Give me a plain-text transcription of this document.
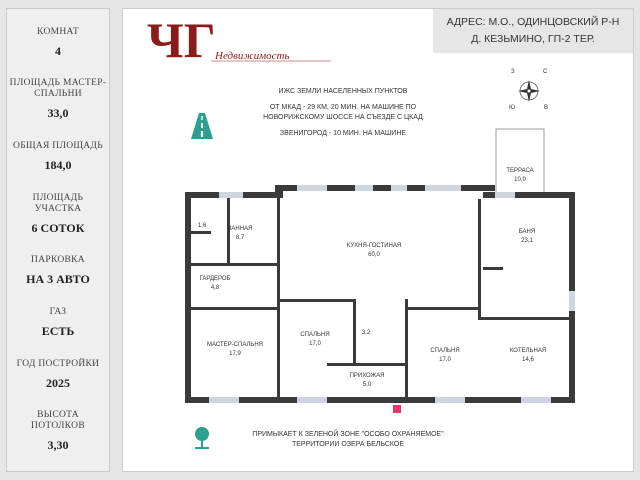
КОМНАТ
4
ПЛОЩАДЬ МАСТЕР-СПАЛЬНИ
33,0
ОБЩАЯ ПЛОЩАДЬ
184,0
ПЛОЩАДЬ УЧАСТКА
6 СОТОК
ПАРКОВКА
НА 3 АВТО
ГАЗ
ЕСТЬ
ГОД ПОСТРОЙКИ
2025
ВЫСОТА ПОТОЛКОВ
3,30
ЧГ Недвижимость
АДРЕС: М.О., ОДИНЦОВСКИЙ Р-Н
Д. КЕЗЬМИНО, ГП-2 ТЕР.

ИЖС ЗЕМЛИ НАСЕЛЕННЫХ ПУНКТОВ

ОТ МКАД - 29 КМ, 20 МИН. НА МАШИНЕ ПО НОВОРИЖСКОМУ ШОССЕ НА СЪЕЗДЕ С ЦКАД

ЗВЕНИГОРОД - 10 МИН. НА МАШИНЕ

З	С
Ю	В
ТЕРРАСА
10,0
ВАННАЯ
8,7
1,6
КУХНЯ-ГОСТИНАЯ
60,0
БАНЯ
23,1
ГАРДЕРОБ
4,8
МАСТЕР-СПАЛЬНЯ
17,9
СПАЛЬНЯ
17,0
3,2
СПАЛЬНЯ
17,0
КОТЕЛЬНАЯ
14,6
ПРИХОЖАЯ
5,0
ПРИМЫКАЕТ К ЗЕЛЕНОЙ ЗОНЕ "ОСОБО ОХРАНЯЕМОЕ"
ТЕРРИТОРИИ ОЗЕРА БЕЛЬСКОЕ
